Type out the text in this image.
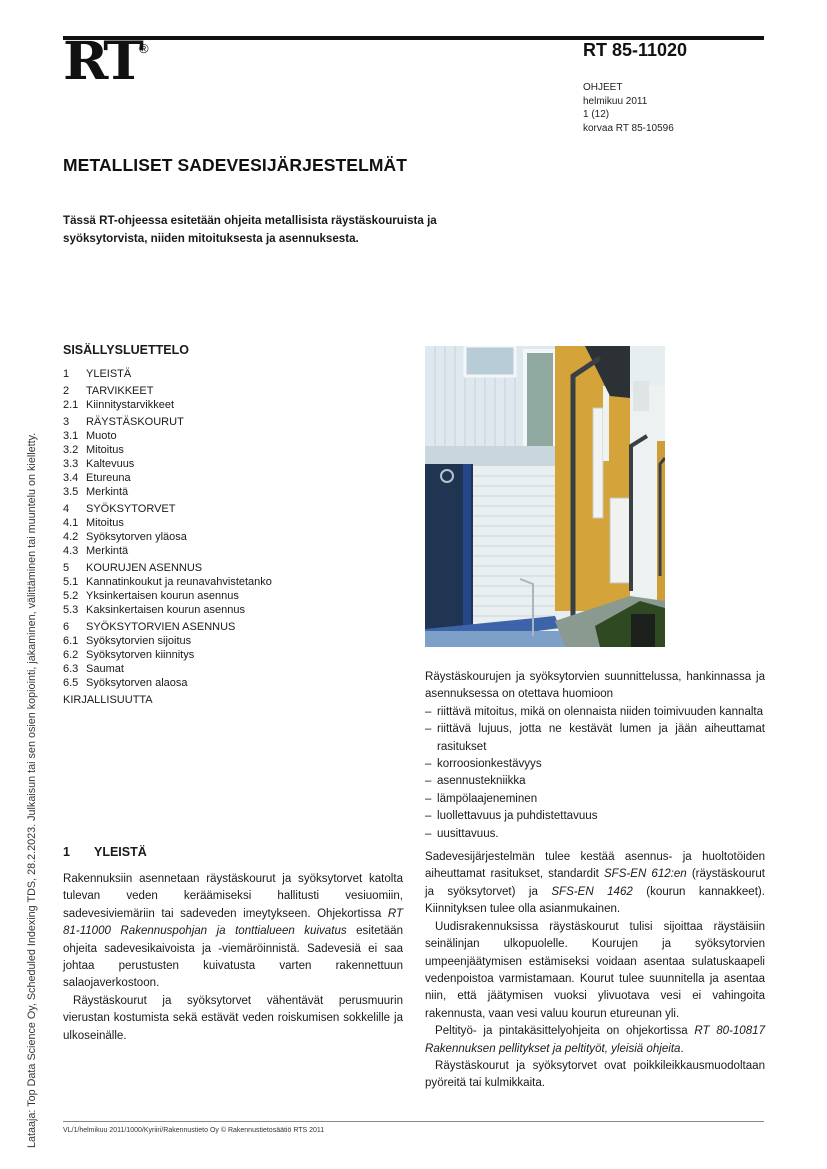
RT ®	RT 85-11020
OHJEET
helmikuu 2011
1 (12)
korvaa RT 85-10596
METALLISET SADEVESIJÄRJESTELMÄT
Tässä RT-ohjeessa esitetään ohjeita metallisista räystäskouruista ja syöksytorvista, niiden mitoituksesta ja asennuksesta.
SISÄLLYSLUETTELO
1	YLEISTÄ
2	TARVIKKEET
2.1 Kiinnitystarvikkeet
3	RÄYSTÄSKOURUT
3.1 Muoto
3.2 Mitoitus
3.3 Kaltevuus
3.4 Etureuna
3.5 Merkintä
4	SYÖKSYTORVET
4.1 Mitoitus
4.2 Syöksytorven yläosa
4.3 Merkintä
5	KOURUJEN ASENNUS
5.1 Kannatinkoukut ja reunavahvistetanko
5.2 Yksinkertaisen kourun asennus
5.3 Kaksinkertaisen kourun asennus
6	SYÖKSYTORVIEN ASENNUS
6.1 Syöksytorvien sijoitus
6.2 Syöksytorven kiinnitys
6.3 Saumat
6.5 Syöksytorven alaosa
KIRJALLISUUTTA
1	YLEISTÄ

Rakennuksiin asennetaan räystäskourut ja syöksytorvet katolta tulevan veden keräämiseksi hallitusti vesiuomiin, sadevesiviemäriin tai sadeveden imeytykseen. Ohjekortissa RT 81-11000 Rakennuspohjan ja tonttialueen kuivatus esitetään ohjeita sadevesikaivoista ja -viemäröinnistä. Sadevesiä ei saa johtaa perustusten kuivatusta varten rakennettuun salaojaverkostoon.

Räystäskourut ja syöksytorvet vähentävät perusmuurin vierustan kostumista sekä estävät veden roiskumisen sokkelille ja ulkoseinälle.

Räystäskourujen ja syöksytorvien suunnittelussa, hankinnassa ja asennuksessa on otettava huomioon

– riittävä mitoitus, mikä on olennaista niiden toimivuuden kannalta
– riittävä lujuus, jotta ne kestävät lumen ja jään aiheuttamat rasitukset
– korroosionkestävyys
– asennustekniikka
– lämpölaajeneminen
– luollettavuus ja puhdistettavuus
– uusittavuus.

Sadevesijärjestelmän tulee kestää asennus- ja huoltotöiden aiheuttamat rasitukset, standardit SFS-EN 612:en (räystäskourut ja syöksytorvet) ja SFS-EN 1462 (kourun kannakkeet). Kiinnityksen tulee olla asianmukainen.

Uudisrakennuksissa räystäskourut tulisi sijoittaa räystäisiin seinälinjan ulkopuolelle. Kourujen ja syöksytorvien umpeenjäätymisen estämiseksi voidaan asentaa sulatuskaapeli vedenpoistoa varmistamaan. Kourut tulee suunnitella ja asentaa niin, että jäätymisen vuoksi ylivuotava vesi ei vahingoita rakennusta, vaan vesi valuu kourun etureunan yli.

Peltityö- ja pintakäsittelyohjeita on ohjekortissa RT 80-10817 Rakennuksen pellitykset ja peltityöt, yleisiä ohjeita.

Räystäskourut ja syöksytorvet ovat poikkileikkausmuodoltaan pyöreitä tai kulmikkaita.

VL/1/helmikuu 2011/1000/Kyriiri/Rakennustieto Oy © Rakennustietosäätiö RTS 2011
Lataaja: Top Data Science Oy, Scheduled Indexing TDS, 28.2.2023. Julkaisun tai sen osien kopiointi, jakaminen, välittäminen tai muuntelu on kielletty.
